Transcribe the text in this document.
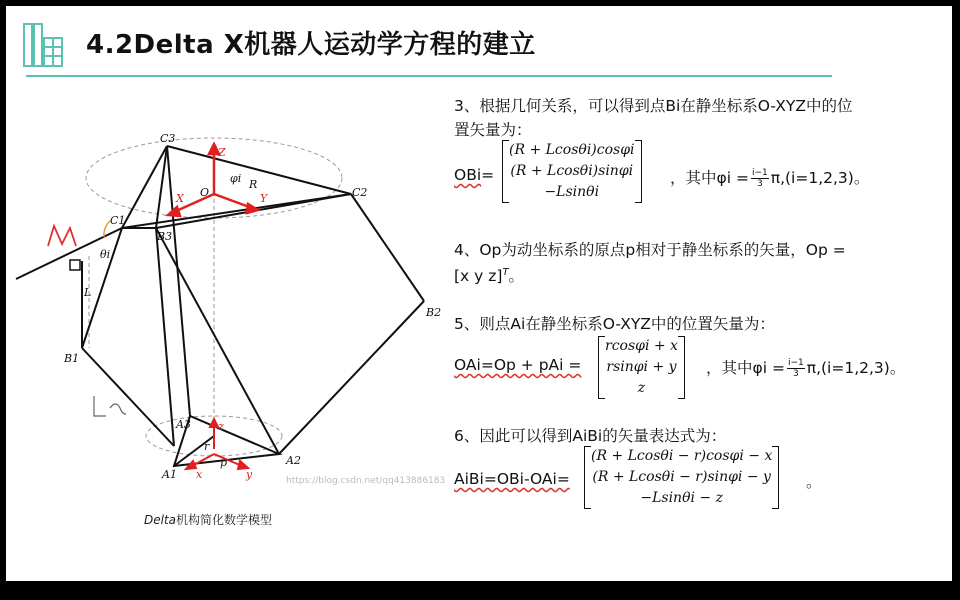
4.2Delta X机器人运动学方程的建立
C3
C2
C1
B3
B2
B1
A1
A2
A3
O
p
R
r
φi
θi
L
Z
X	Y
z
x	y	https://blog.csdn.net/qq413886183
Delta机构简化数学模型
3、根据几何关系，可以得到点Bi在静坐标系O-XYZ中的位
置矢量为：
OBi=
(R + Lcosθi)cosφi
(R + Lcosθi)sinφi
−Lsinθi
，其中$\varphi i = \frac{i-1}{3} \pi,(i=1,2,3)$。
4、Op为动坐标系的原点p相对于静坐标系的矢量，Op =
[x y z]$^T$。
5、则点Ai在静坐标系O-XYZ中的位置矢量为：
OAi=Op + pAi =
rcosφi + x
rsinφi + y
z
，其中$\varphi i = \frac{i-1}{3} \pi,(i=1,2,3)$。
6、因此可以得到AiBi的矢量表达式为：
AiBi=OBi-OAi=
(R + Lcosθi − r)cosφi − x
(R + Lcosθi − r)sinφi − y
−Lsinθi − z
。
